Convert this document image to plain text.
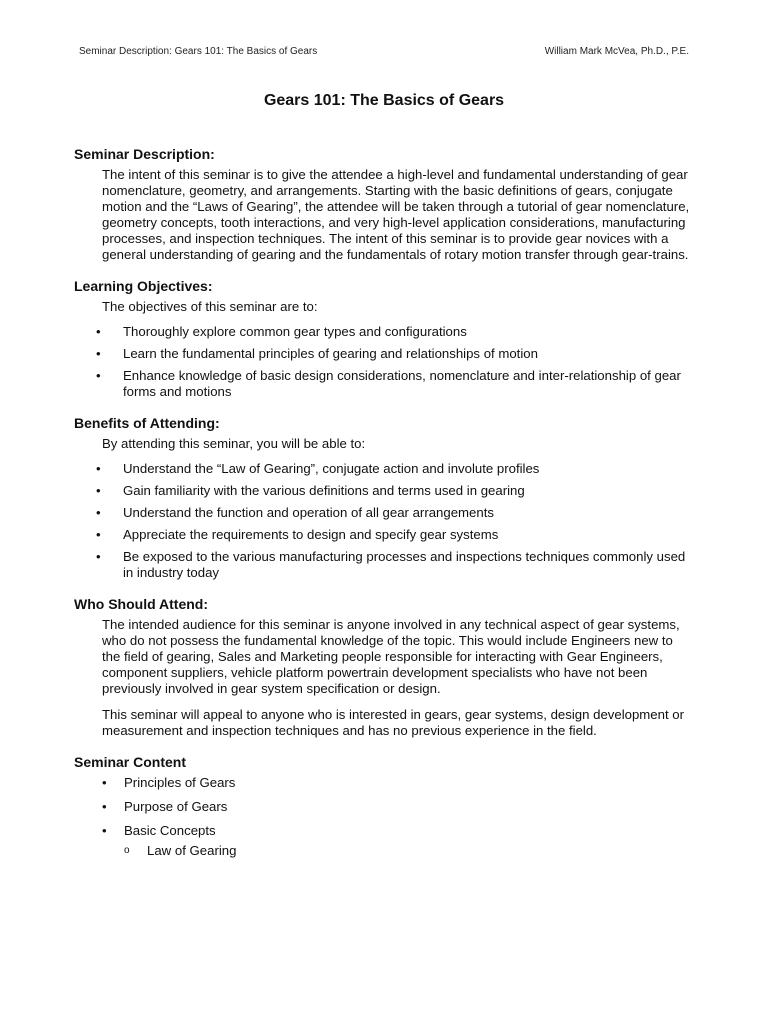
Seminar Description: Gears 101: The Basics of Gears	William Mark McVea, Ph.D., P.E.
Gears 101: The Basics of Gears
Seminar Description:

The intent of this seminar is to give the attendee a high-level and fundamental understanding of gear nomenclature, geometry, and arrangements. Starting with the basic definitions of gears, conjugate motion and the “Laws of Gearing”, the attendee will be taken through a tutorial of gear nomenclature, geometry concepts, tooth interactions, and very high-level application considerations, manufacturing processes, and inspection techniques. The intent of this seminar is to provide gear novices with a general understanding of gearing and the fundamentals of rotary motion transfer through gear-trains.

Learning Objectives:

The objectives of this seminar are to:

•	Thoroughly explore common gear types and configurations
•	Learn the fundamental principles of gearing and relationships of motion
•	Enhance knowledge of basic design considerations, nomenclature and inter-relationship of gear forms and motions
Benefits of Attending:

By attending this seminar, you will be able to:

•	Understand the “Law of Gearing”, conjugate action and involute profiles
•	Gain familiarity with the various definitions and terms used in gearing
•	Understand the function and operation of all gear arrangements
•	Appreciate the requirements to design and specify gear systems
•	Be exposed to the various manufacturing processes and inspections techniques commonly used in industry today
Who Should Attend:

The intended audience for this seminar is anyone involved in any technical aspect of gear systems, who do not possess the fundamental knowledge of the topic. This would include Engineers new to the field of gearing, Sales and Marketing people responsible for interacting with Gear Engineers, component suppliers, vehicle platform powertrain development specialists who have not been previously involved in gear system specification or design.

This seminar will appeal to anyone who is interested in gears, gear systems, design development or measurement and inspection techniques and has no previous experience in the field.

Seminar Content
• Principles of Gears
• Purpose of Gears
• Basic Concepts
o Law of Gearing
